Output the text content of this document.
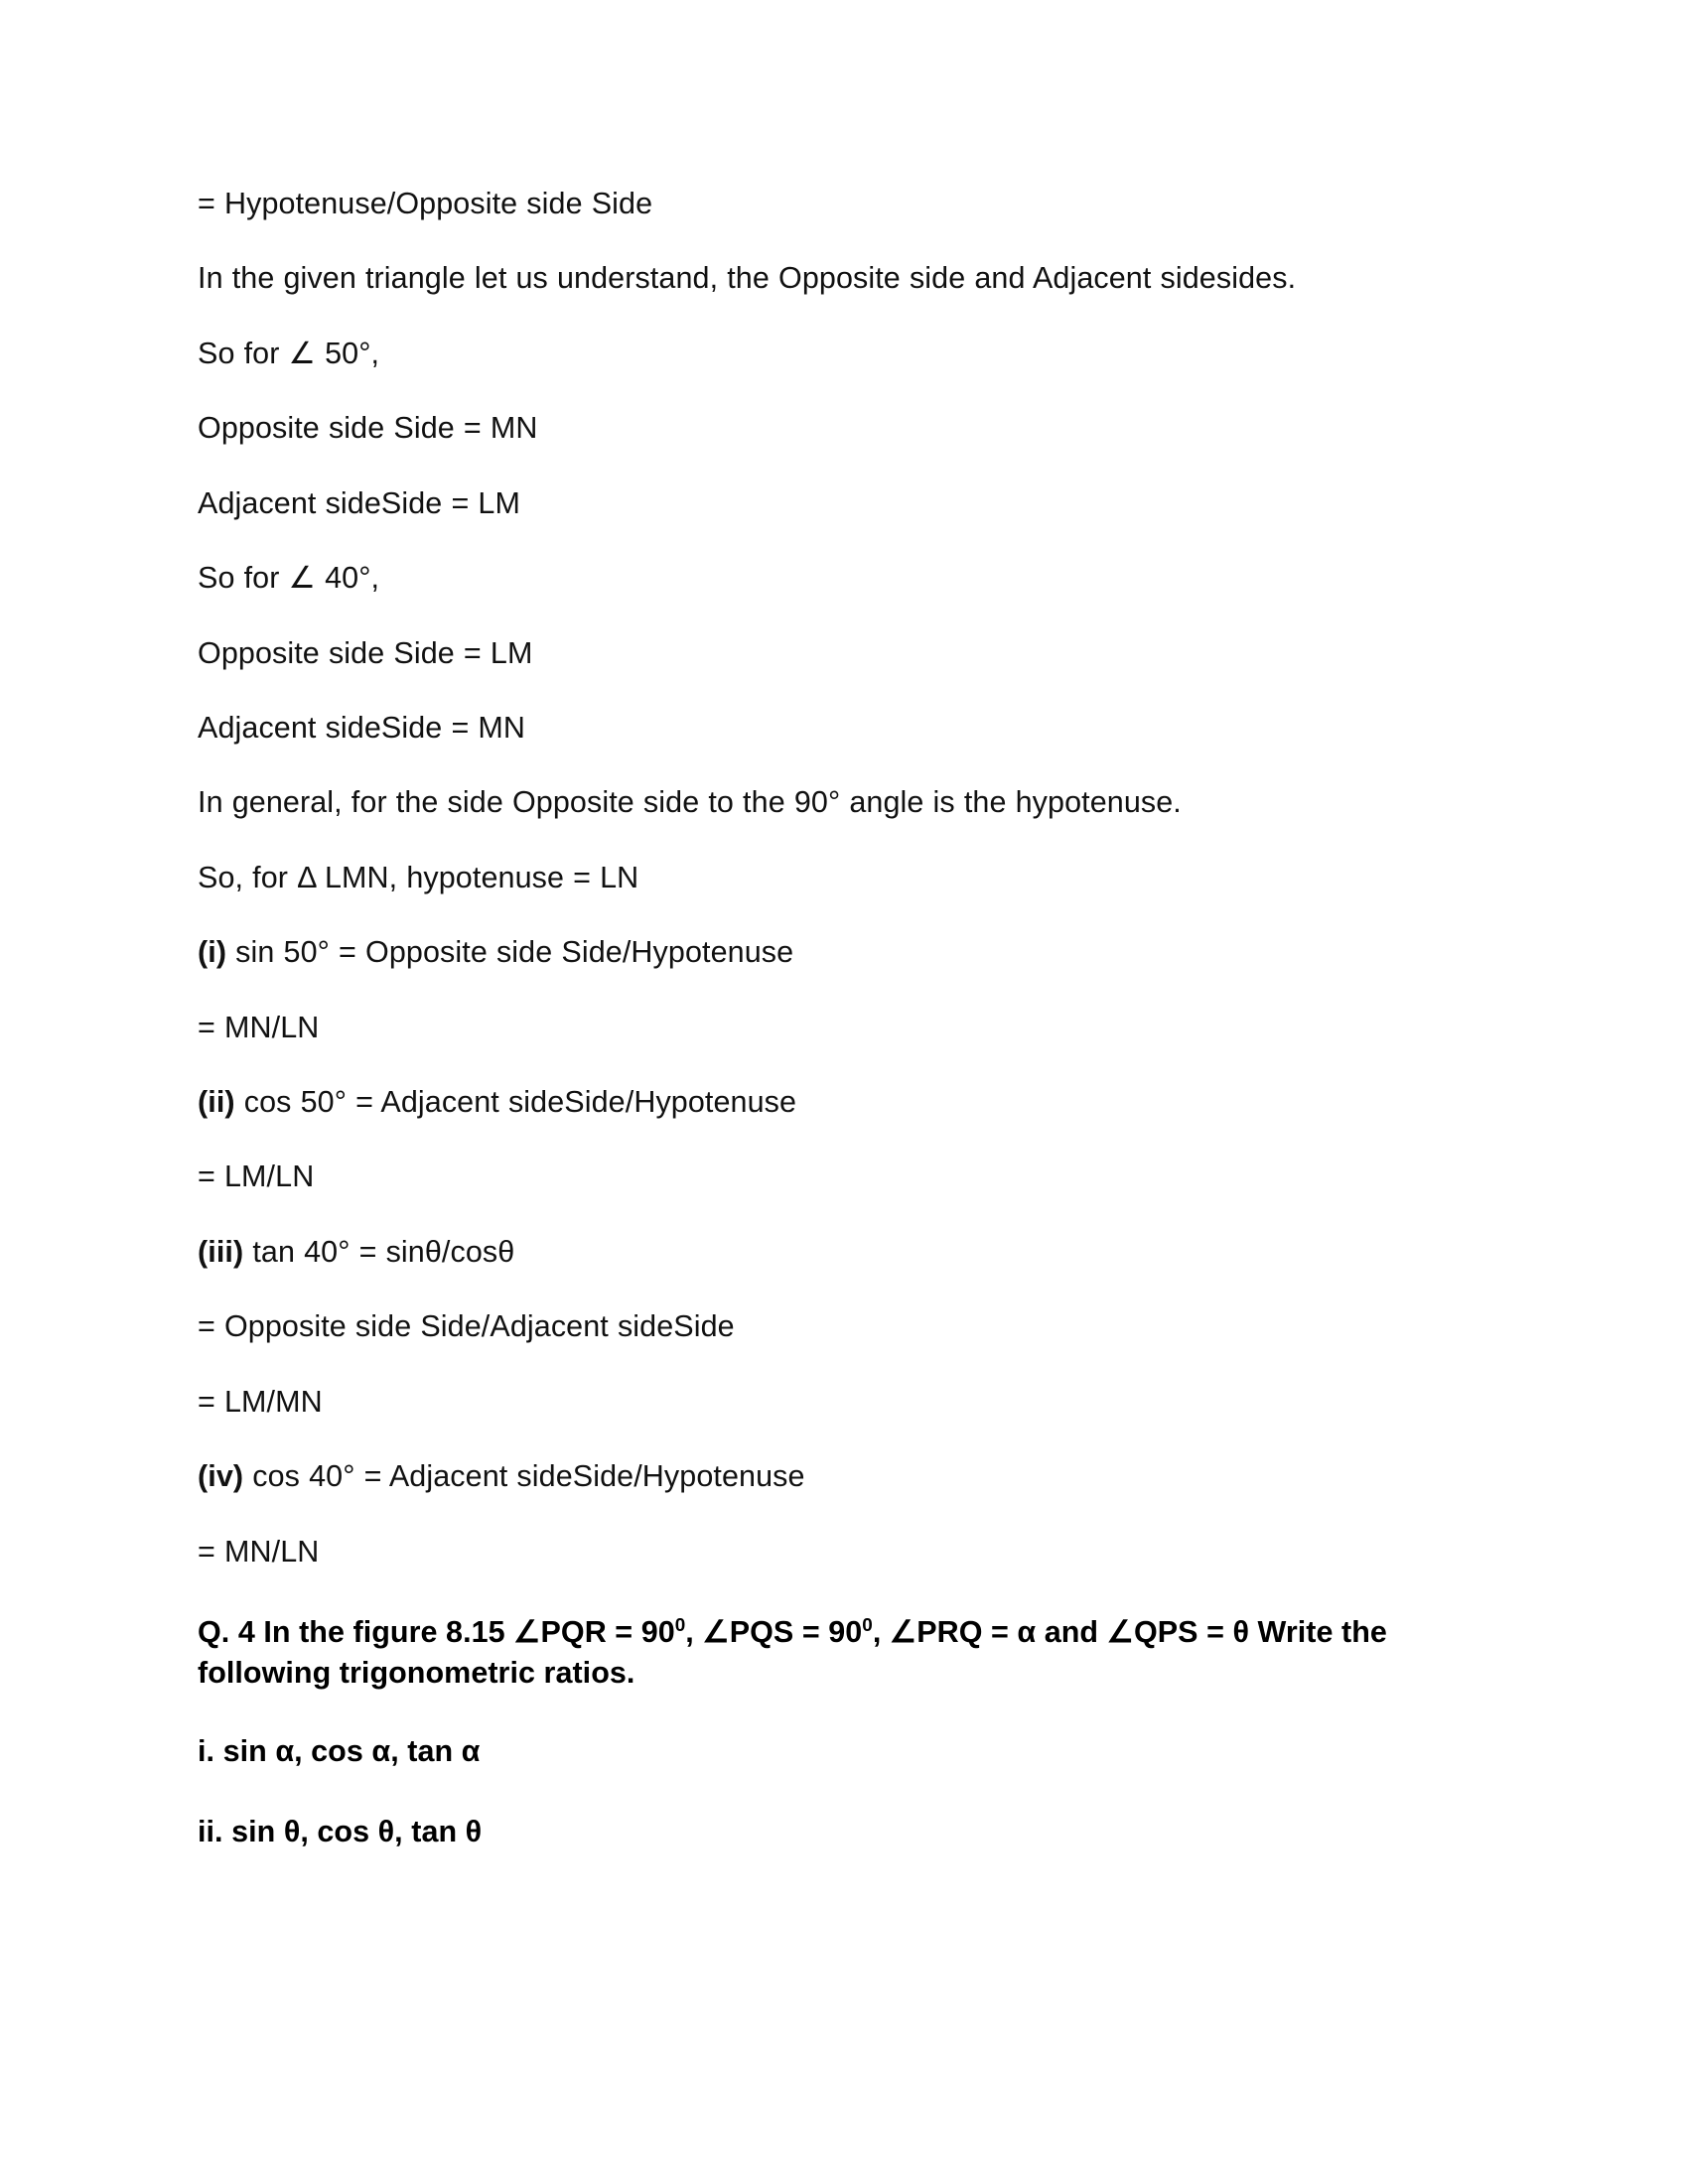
= Hypotenuse/Opposite side Side

In the given triangle let us understand, the Opposite side and Adjacent sidesides.

So for ∠ 50°,

Opposite side Side = MN

Adjacent sideSide = LM

So for ∠ 40°,

Opposite side Side = LM

Adjacent sideSide = MN

In general, for the side Opposite side to the 90° angle is the hypotenuse.

So, for Δ LMN, hypotenuse = LN

(i) sin 50° = Opposite side Side/Hypotenuse

= MN/LN

(ii) cos 50° = Adjacent sideSide/Hypotenuse

= LM/LN

(iii) tan 40° = sinθ/cosθ

= Opposite side Side/Adjacent sideSide

= LM/MN

(iv) cos 40° = Adjacent sideSide/Hypotenuse

= MN/LN

Q. 4 In the figure 8.15 ∠PQR = $90^0$, ∠PQS = $90^0$, ∠PRQ = α and ∠QPS = θ Write the following trigonometric ratios.

i. sin α, cos α, tan α

ii. sin θ, cos θ, tan θ
